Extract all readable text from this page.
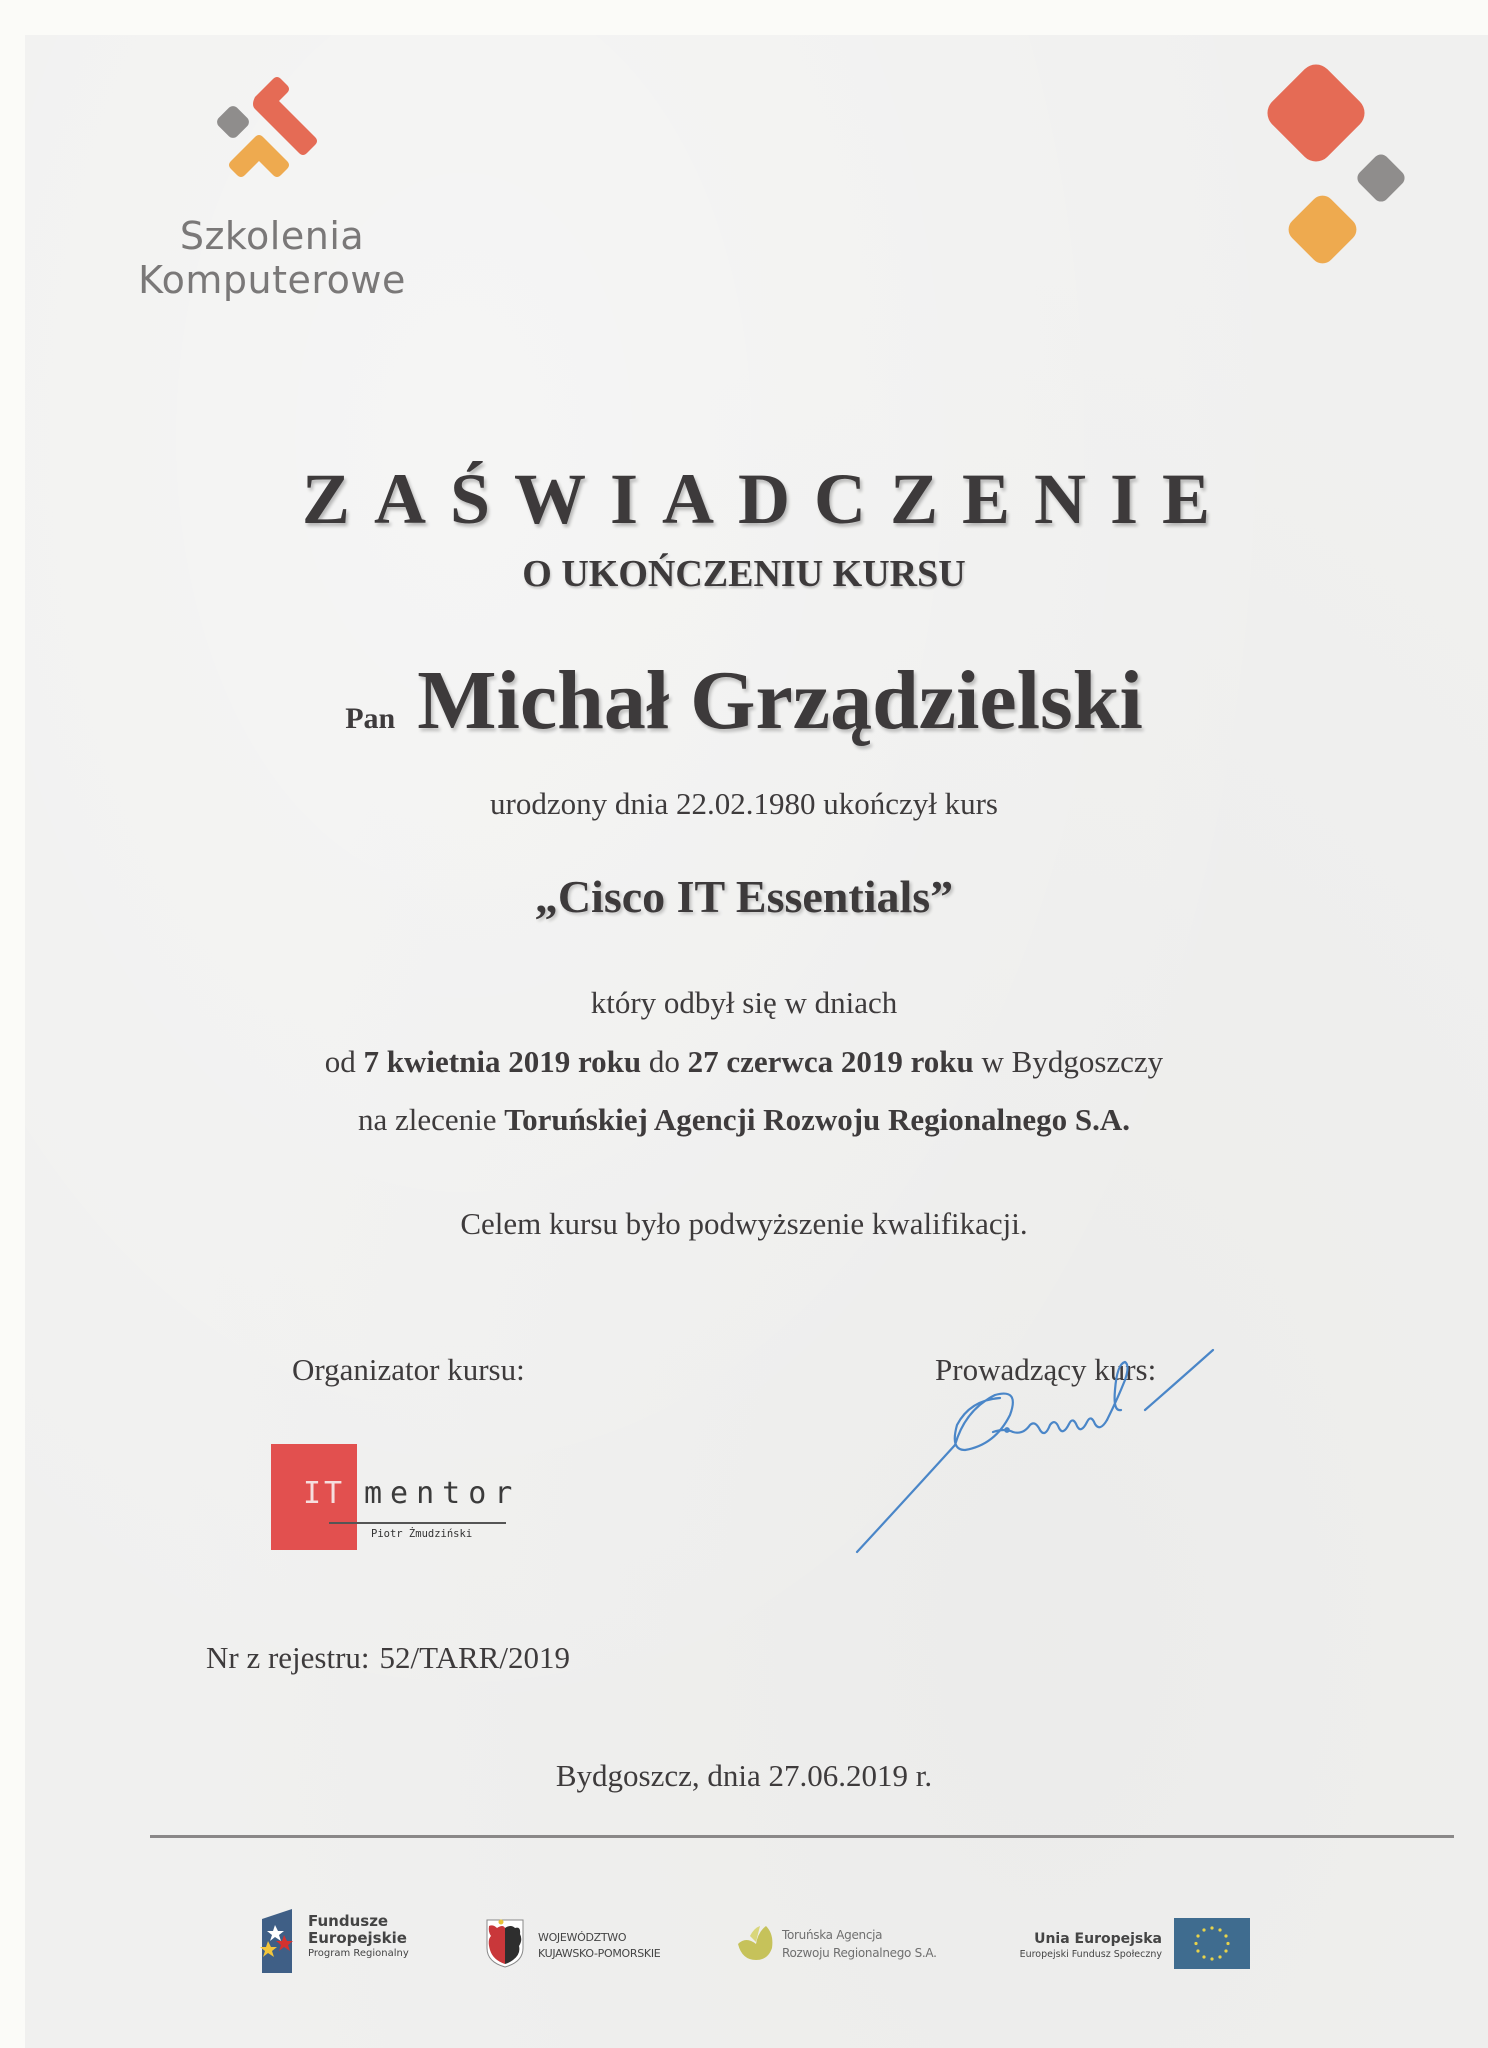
Szkolenia
Komputerowe
ZAŚWIADCZENIE
O UKOŃCZENIU KURSU
Pan Michał Grządzielski
urodzony dnia 22.02.1980 ukończył kurs
„Cisco IT Essentials”
który odbył się w dniach
od 7 kwietnia 2019 roku do 27 czerwca 2019 roku w Bydgoszczy
na zlecenie Toruńskiej Agencji Rozwoju Regionalnego S.A.
Celem kursu było podwyższenie kwalifikacji.
Organizator kursu:	Prowadzący kurs:
IT mentor
Piotr Żmudziński
Nr z rejestru: 52/TARR/2019
Bydgoszcz, dnia 27.06.2019 r.
Fundusze
Europejskie
Program Regionalny
WOJEWÓDZTWO
KUJAWSKO-POMORSKIE
Toruńska Agencja
Rozwoju Regionalnego S.A.
Unia Europejska
Europejski Fundusz Społeczny
